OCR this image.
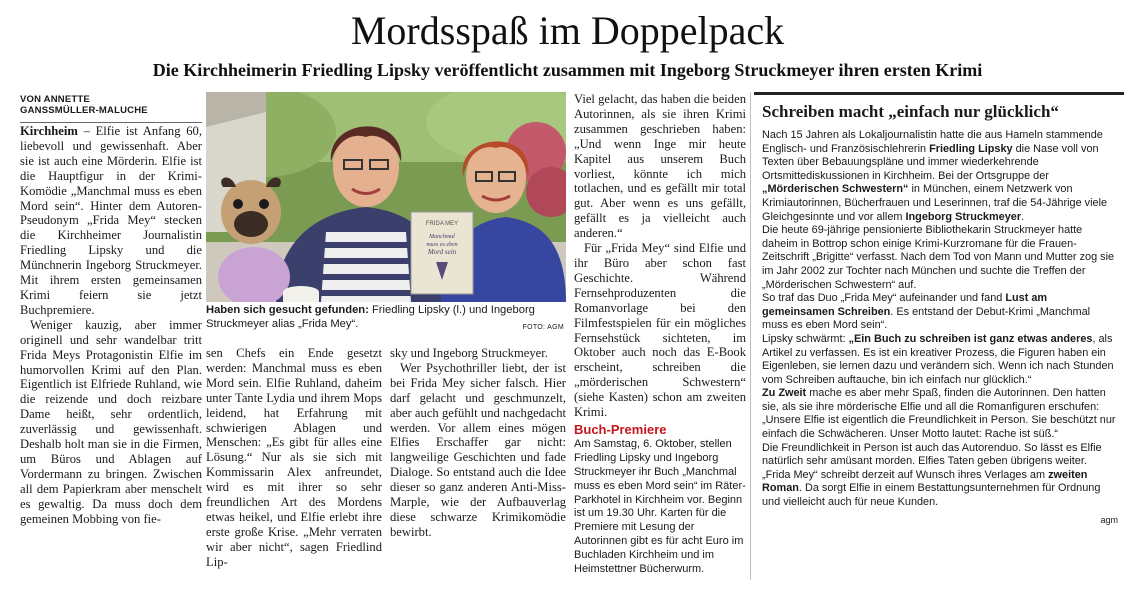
Mordsspaß im Doppelpack
Die Kirchheimerin Friedling Lipsky veröffentlicht zusammen mit Ingeborg Struckmeyer ihren ersten Krimi
VON ANNETTE
GANSSMÜLLER-MALUCHE

Kirchheim – Elfie ist Anfang 60, liebevoll und gewissenhaft. Aber sie ist auch eine Mörderin. Elfie ist die Hauptfigur in der Krimi-Komödie „Manchmal muss es eben Mord sein“. Hinter dem Autoren-Pseudonym „Frida Mey“ stecken die Kirchheimer Journalistin Friedling Lipsky und die Münchnerin Ingeborg Struckmeyer. Mit ihrem ersten gemeinsamen Krimi feiern sie jetzt Buchpremiere.

Weniger kauzig, aber immer originell und sehr wandelbar tritt Frida Meys Protagonistin Elfie im humorvollen Krimi auf den Plan. Eigentlich ist Elfriede Ruhland, wie die reizende und doch reizbare Dame heißt, sehr ordentlich, zuverlässig und gewissenhaft. Deshalb holt man sie in die Firmen, um Büros und Ablagen auf Vordermann zu bringen. Zwischen all dem Papierkram aber menschelt es gewaltig. Da muss doch dem gemeinen Mobbing von fie-

FRIDA MEY
Manchmal
muss es eben
Mord sein
Haben sich gesucht gefunden: Friedling Lipsky (l.) und Ingeborg Struckmeyer alias „Frida Mey“.	FOTO: AGM

sen Chefs ein Ende gesetzt werden: Manchmal muss es eben Mord sein. Elfie Ruhland, daheim unter Tante Lydia und ihrem Mops leidend, hat Erfahrung mit schwierigen Ablagen und Menschen: „Es gibt für alles eine Lösung.“ Nur als sie sich mit Kommissarin Alex anfreundet, wird es mit ihrer so sehr freundlichen Art des Mordens etwas heikel, und Elfie erlebt ihre erste große Krise. „Mehr verraten wir aber nicht“, sagen Friedlind Lip-

sky und Ingeborg Struckmeyer.

Wer Psychothriller liebt, der ist bei Frida Mey sicher falsch. Hier darf gelacht und geschmunzelt, aber auch gefühlt und nachgedacht werden. Vor allem eines mögen Elfies Erschaffer gar nicht: langweilige Geschichten und fade Dialoge. So entstand auch die Idee dieser so ganz anderen Anti-Miss-Marple, wie der Aufbauverlag diese schwarze Krimikomödie bewirbt.

Viel gelacht, das haben die beiden Autorinnen, als sie ihren Krimi zusammen geschrieben haben: „Und wenn Inge mir heute Kapitel aus unserem Buch vorliest, könnte ich mich totlachen, und es gefällt mir total gut. Aber wenn es uns gefällt, gefällt es ja vielleicht auch anderen.“

Für „Frida Mey“ sind Elfie und ihr Büro aber schon fast Geschichte. Während Fernsehproduzenten die Romanvorlage bei den Filmfestspielen für ein mögliches Fernsehstück sichteten, im Oktober auch noch das E-Book erscheint, schreiben die „mörderischen Schwestern“ (siehe Kasten) schon am zweiten Krimi.

Buch-Premiere
Am Samstag, 6. Oktober, stellen Friedling Lipsky und Ingeborg Struckmeyer ihr Buch „Manchmal muss es eben Mord sein“ im Räter-Parkhotel in Kirchheim vor. Beginn ist um 19.30 Uhr. Karten für die Premiere mit Lesung der Autorinnen gibt es für acht Euro im Buchladen Kirchheim und im Heimstettner Bücherwurm.
Schreiben macht „einfach nur glücklich“

Nach 15 Jahren als Lokaljournalistin hatte die aus Hameln stammende Englisch- und Französischlehrerin Friedling Lipsky die Nase voll von Texten über Bebauungspläne und immer wiederkehrende Ortsmittediskussionen in Kirchheim. Bei der Ortsgruppe der „Mörderischen Schwestern“ in München, einem Netzwerk von Krimiautorinnen, Bücherfrauen und Leserinnen, traf die 54-Jährige viele Gleichgesinnte und vor allem Ingeborg Struckmeyer.

Die heute 69-jährige pensionierte Bibliothekarin Struckmeyer hatte daheim in Bottrop schon einige Krimi-Kurzromane für die Frauen-Zeitschrift „Brigitte“ verfasst. Nach dem Tod von Mann und Mutter zog sie im Jahr 2002 zur Tochter nach München und suchte die Treffen der „Mörderischen Schwestern“ auf.

So traf das Duo „Frida Mey“ aufeinander und fand Lust am gemeinsamen Schreiben. Es entstand der Debut-Krimi „Manchmal muss es eben Mord sein“.

Lipsky schwärmt: „Ein Buch zu schreiben ist ganz etwas anderes, als Artikel zu verfassen. Es ist ein kreativer Prozess, die Figuren haben ein Eigenleben, sie lernen dazu und verändern sich. Wenn ich nach Stunden vom Schreiben auftauche, bin ich einfach nur glücklich.“

Zu Zweit mache es aber mehr Spaß, finden die Autorinnen. Den hatten sie, als sie ihre mörderische Elfie und all die Romanfiguren erschufen: „Unsere Elfie ist eigentlich die Freundlichkeit in Person. Sie beschützt nur einfach die Schwächeren. Unser Motto lautet: Rache ist süß.“

Die Freundlichkeit in Person ist auch das Autorenduo. So lässt es Elfie natürlich sehr amüsant morden. Elfies Taten geben übrigens weiter. „Frida Mey“ schreibt derzeit auf Wunsch ihres Verlages am zweiten Roman. Da sorgt Elfie in einem Bestattungsunternehmen für Ordnung und vielleicht auch für neue Kunden.

agm
